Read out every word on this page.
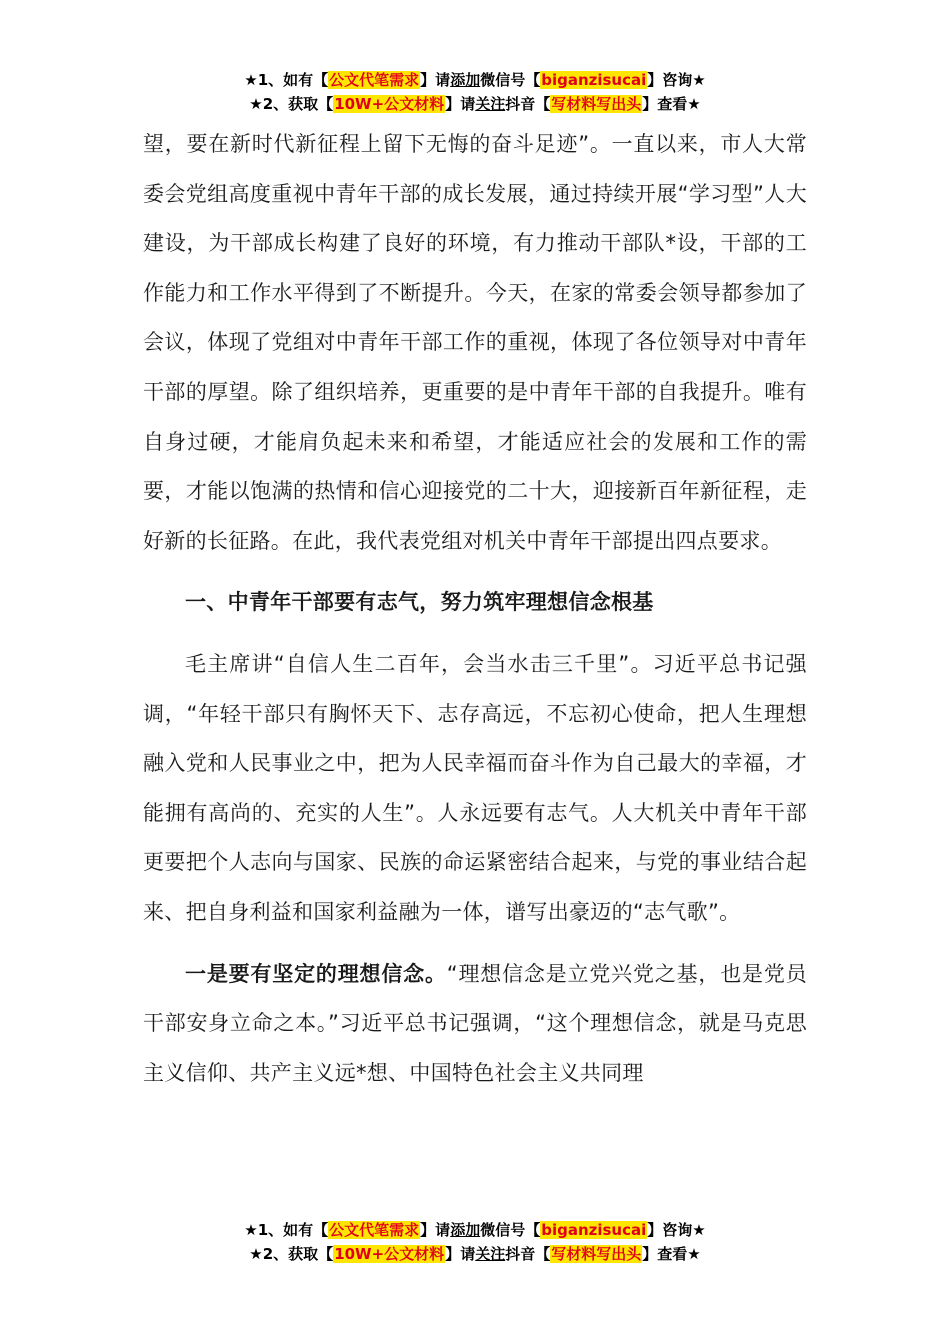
★1、如有【公文代笔需求】请添加微信号【biganzisucai】咨询★
★2、获取【10W+公文材料】请关注抖音【写材料写出头】查看★

望，要在新时代新征程上留下无悔的奋斗足迹”。一直以来，市人大常委会党组高度重视中青年干部的成长发展，通过持续开展“学习型”人大建设，为干部成长构建了良好的环境，有力推动干部队*设，干部的工作能力和工作水平得到了不断提升。今天，在家的常委会领导都参加了会议，体现了党组对中青年干部工作的重视，体现了各位领导对中青年干部的厚望。除了组织培养，更重要的是中青年干部的自我提升。唯有自身过硬，才能肩负起未来和希望，才能适应社会的发展和工作的需要，才能以饱满的热情和信心迎接党的二十大，迎接新百年新征程，走好新的长征路。在此，我代表党组对机关中青年干部提出四点要求。

一、中青年干部要有志气，努力筑牢理想信念根基

毛主席讲“自信人生二百年，会当水击三千里”。习近平总书记强调，“年轻干部只有胸怀天下、志存高远，不忘初心使命，把人生理想融入党和人民事业之中，把为人民幸福而奋斗作为自己最大的幸福，才能拥有高尚的、充实的人生”。人永远要有志气。人大机关中青年干部更要把个人志向与国家、民族的命运紧密结合起来，与党的事业结合起来、把自身利益和国家利益融为一体，谱写出豪迈的“志气歌”。

一是要有坚定的理想信念。“理想信念是立党兴党之基，也是党员干部安身立命之本。”习近平总书记强调，“这个理想信念，就是马克思主义信仰、共产主义远*想、中国特色社会主义共同理

★1、如有【公文代笔需求】请添加微信号【biganzisucai】咨询★
★2、获取【10W+公文材料】请关注抖音【写材料写出头】查看★
